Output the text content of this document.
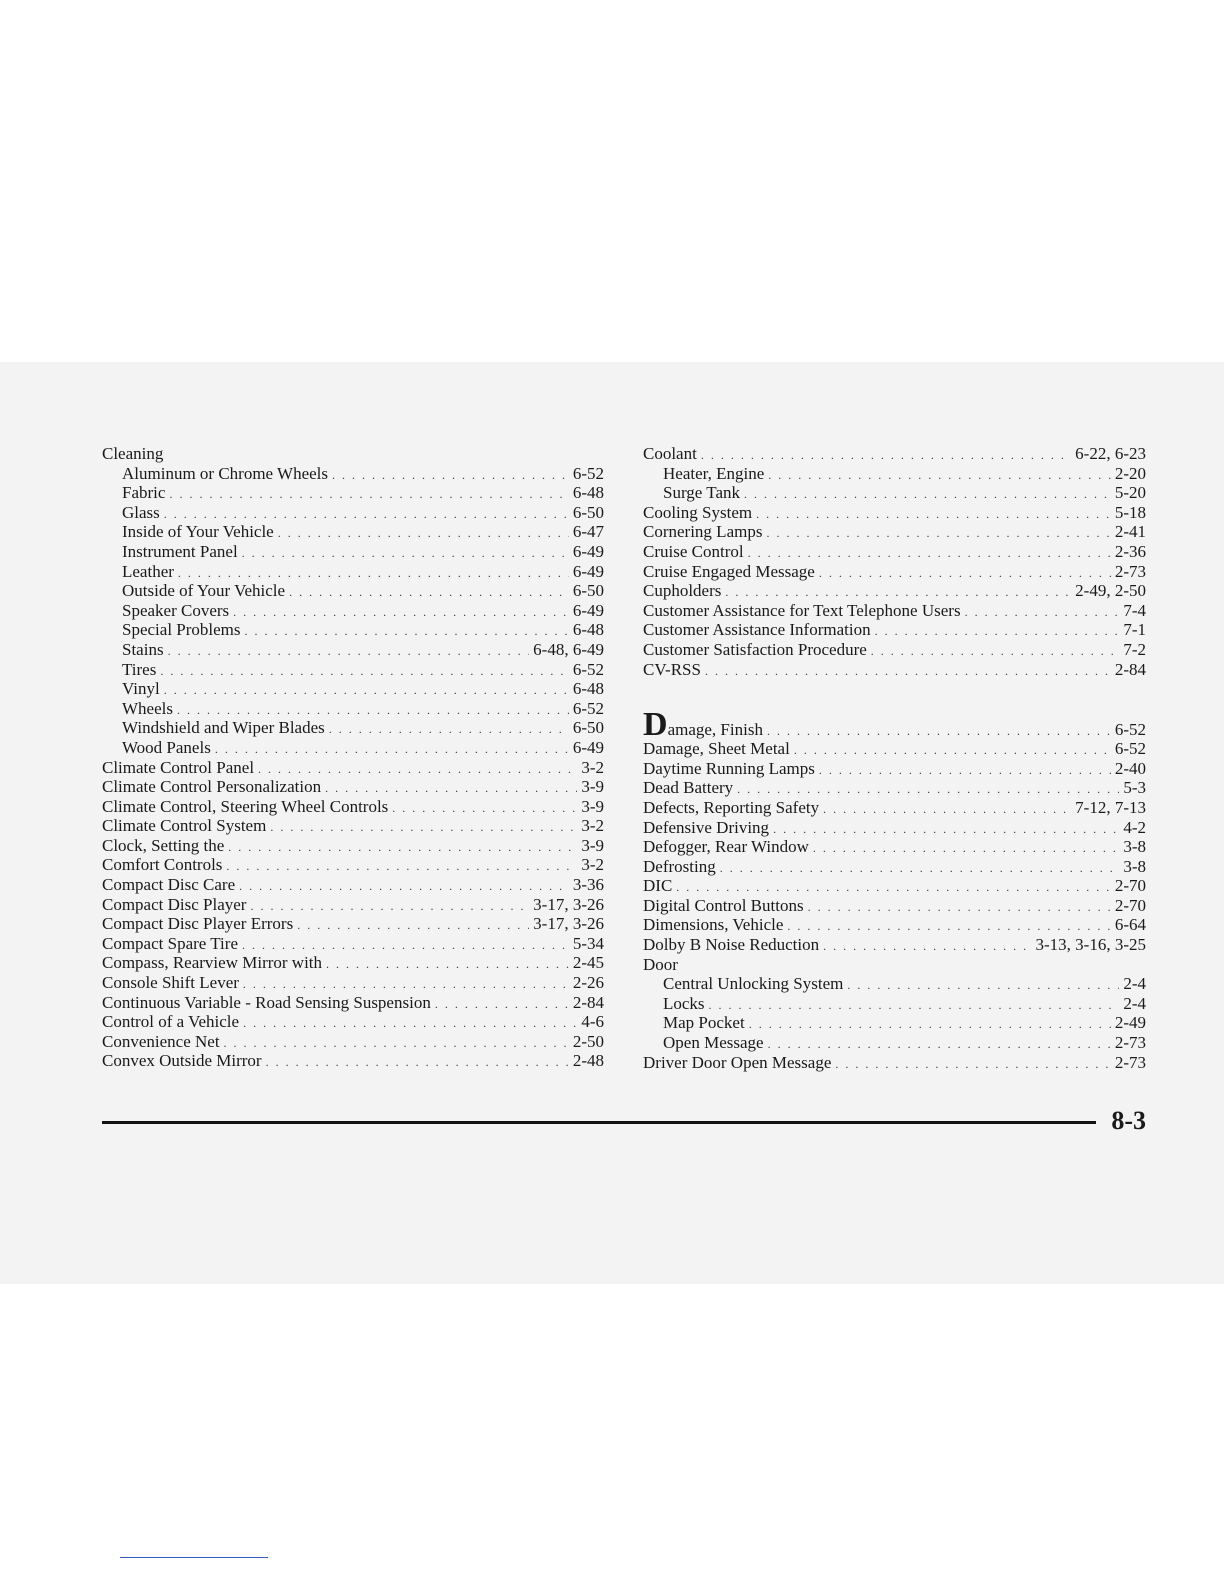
Cleaning
Aluminum or Chrome Wheels . . .	6-52
Fabric . . .	6-48
Glass . . .	6-50
Inside of Your Vehicle . . .	6-47
Instrument Panel . . .	6-49
Leather . . .	6-49
Outside of Your Vehicle . . .	6-50
Speaker Covers . . .	6-49
Special Problems . . .	6-48
Stains . . .	6-48, 6-49
Tires . . .	6-52
Vinyl . . .	6-48
Wheels . . .	6-52
Windshield and Wiper Blades . . .	6-50
Wood Panels . . .	6-49
Climate Control Panel . . .	3-2
Climate Control Personalization . . .	3-9
Climate Control, Steering Wheel Controls . . .	3-9
Climate Control System . . .	3-2
Clock, Setting the . . .	3-9
Comfort Controls . . .	3-2
Compact Disc Care . . .	3-36
Compact Disc Player . . .	3-17, 3-26
Compact Disc Player Errors . . .	3-17, 3-26
Compact Spare Tire . . .	5-34
Compass, Rearview Mirror with . . .	2-45
Console Shift Lever . . .	2-26
Continuous Variable - Road Sensing Suspension . . .	2-84
Control of a Vehicle . . .	4-6
Convenience Net . . .	2-50
Convex Outside Mirror . . .	2-48
Coolant . . .	6-22, 6-23
Heater, Engine . . .	2-20
Surge Tank . . .	5-20
Cooling System . . .	5-18
Cornering Lamps . . .	2-41
Cruise Control . . .	2-36
Cruise Engaged Message . . .	2-73
Cupholders . . .	2-49, 2-50
Customer Assistance for Text Telephone Users . . .	7-4
Customer Assistance Information . . .	7-1
Customer Satisfaction Procedure . . .	7-2
CV-RSS . . .	2-84
Damage, Finish . . .	6-52
Damage, Sheet Metal . . .	6-52
Daytime Running Lamps . . .	2-40
Dead Battery . . .	5-3
Defects, Reporting Safety . . .	7-12, 7-13
Defensive Driving . . .	4-2
Defogger, Rear Window . . .	3-8
Defrosting . . .	3-8
DIC . . .	2-70
Digital Control Buttons . . .	2-70
Dimensions, Vehicle . . .	6-64
Dolby B Noise Reduction . . .	3-13, 3-16, 3-25
Door
Central Unlocking System . . .	2-4
Locks . . .	2-4
Map Pocket . . .	2-49
Open Message . . .	2-73
Driver Door Open Message . . .	2-73
8-3
